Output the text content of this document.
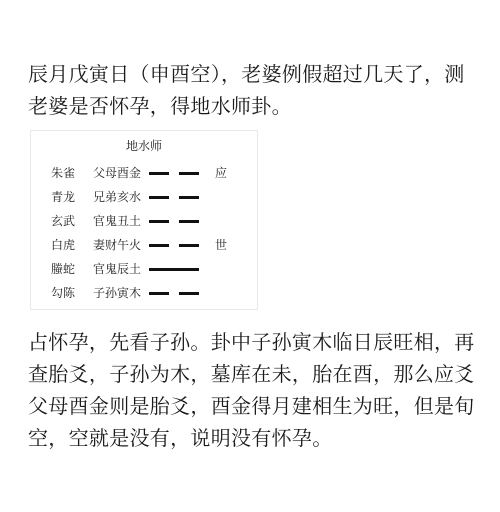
辰月戊寅日（申酉空），老婆例假超过几天了，测老婆是否怀孕，得地水师卦。

地水师
朱雀 父母酉金	应
青龙 兄弟亥水
玄武 官鬼丑土
白虎 妻财午火	世
螣蛇 官鬼辰土
勾陈 子孙寅木

占怀孕，先看子孙。卦中子孙寅木临日辰旺相，再查胎爻，子孙为木，墓库在未，胎在酉，那么应爻父母酉金则是胎爻，酉金得月建相生为旺，但是旬空，空就是没有，说明没有怀孕。
